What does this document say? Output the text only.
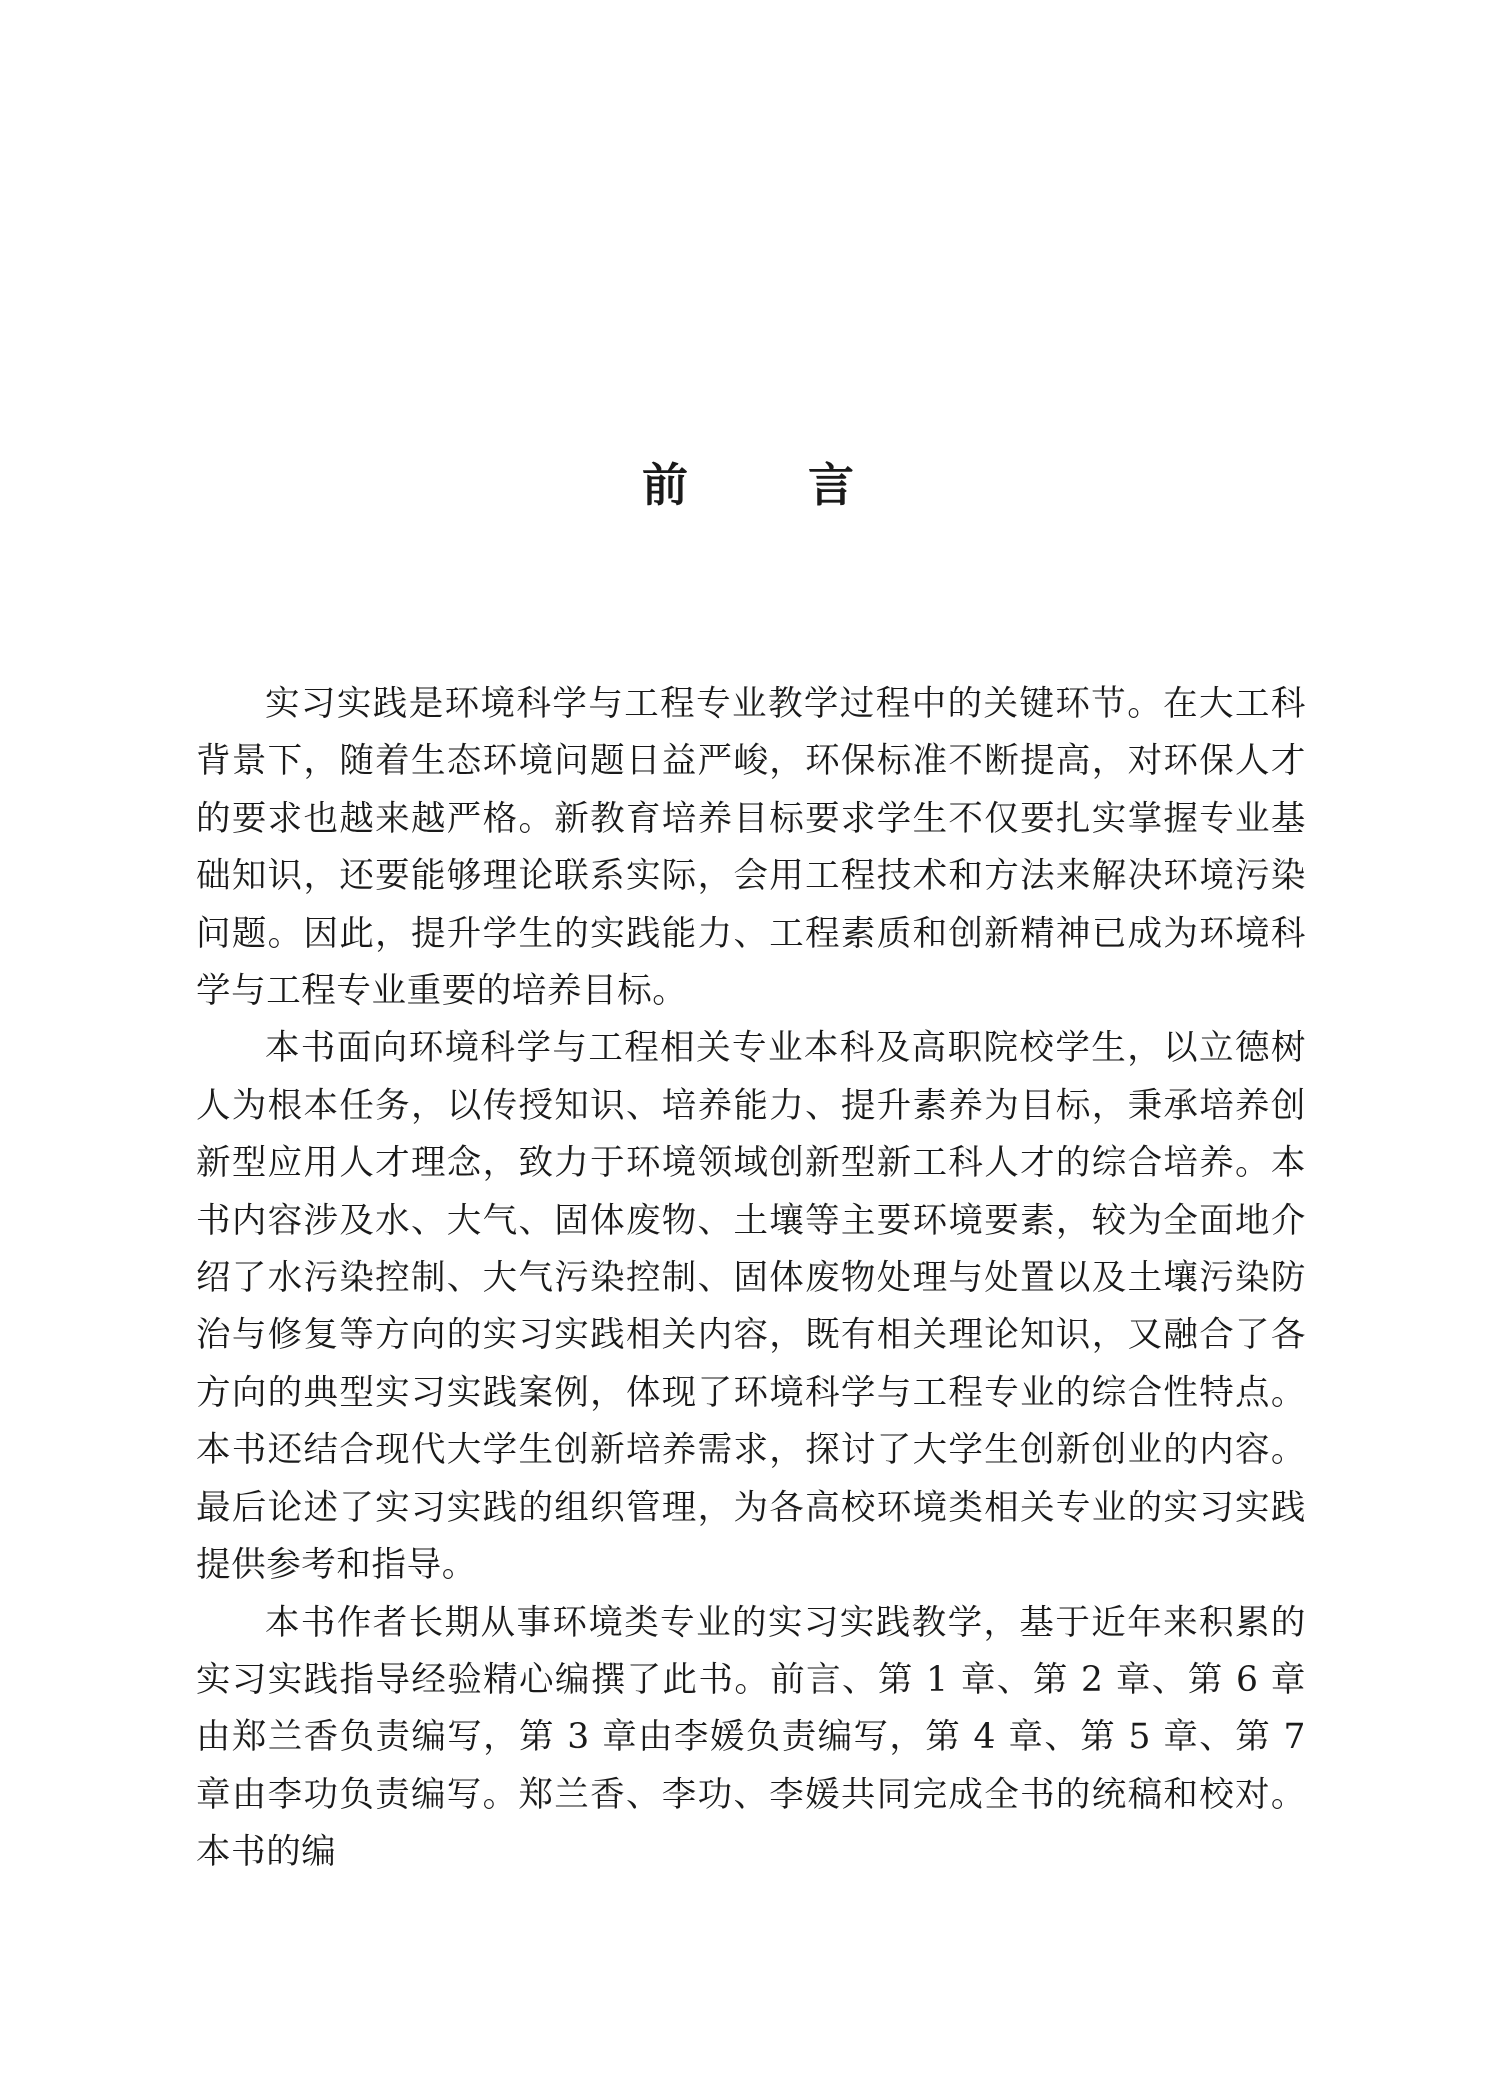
前 言

实习实践是环境科学与工程专业教学过程中的关键环节。在大工科背景下，随着生态环境问题日益严峻，环保标准不断提高，对环保人才的要求也越来越严格。新教育培养目标要求学生不仅要扎实掌握专业基础知识，还要能够理论联系实际，会用工程技术和方法来解决环境污染问题。因此，提升学生的实践能力、工程素质和创新精神已成为环境科学与工程专业重要的培养目标。

本书面向环境科学与工程相关专业本科及高职院校学生，以立德树人为根本任务，以传授知识、培养能力、提升素养为目标，秉承培养创新型应用人才理念，致力于环境领域创新型新工科人才的综合培养。本书内容涉及水、大气、固体废物、土壤等主要环境要素，较为全面地介绍了水污染控制、大气污染控制、固体废物处理与处置以及土壤污染防治与修复等方向的实习实践相关内容，既有相关理论知识，又融合了各方向的典型实习实践案例，体现了环境科学与工程专业的综合性特点。本书还结合现代大学生创新培养需求，探讨了大学生创新创业的内容。最后论述了实习实践的组织管理，为各高校环境类相关专业的实习实践提供参考和指导。

本书作者长期从事环境类专业的实习实践教学，基于近年来积累的实习实践指导经验精心编撰了此书。前言、第 1 章、第 2 章、第 6 章由郑兰香负责编写，第 3 章由李媛负责编写，第 4 章、第 5 章、第 7 章由李功负责编写。郑兰香、李功、李媛共同完成全书的统稿和校对。本书的编
